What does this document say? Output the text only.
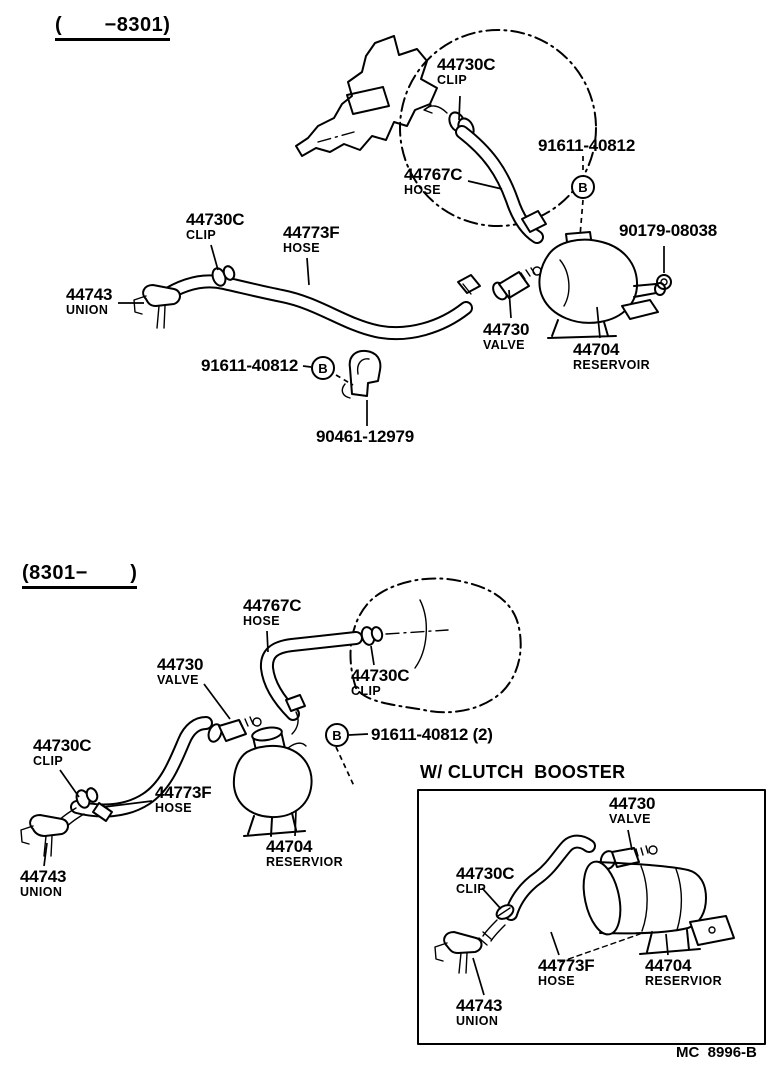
B
B
B
(       −8301)
(8301−       )
W/ CLUTCH  BOOSTER
MC  8996-B
44730C
CLIP
91611-40812
44767C
HOSE
90179-08038
44730C
CLIP	44773F
HOSE
44743
UNION
44730
VALVE	44704
RESERVOIR
91611-40812
90461-12979
44767C
HOSE
44730
VALVE	44730C
CLIP
91611-40812 (2)
44730C
CLIP
44773F
HOSE
44704
RESERVIOR
44743
UNION
44730
VALVE
44730C
CLIP
44773F
HOSE
44704
RESERVIOR
44743
UNION
